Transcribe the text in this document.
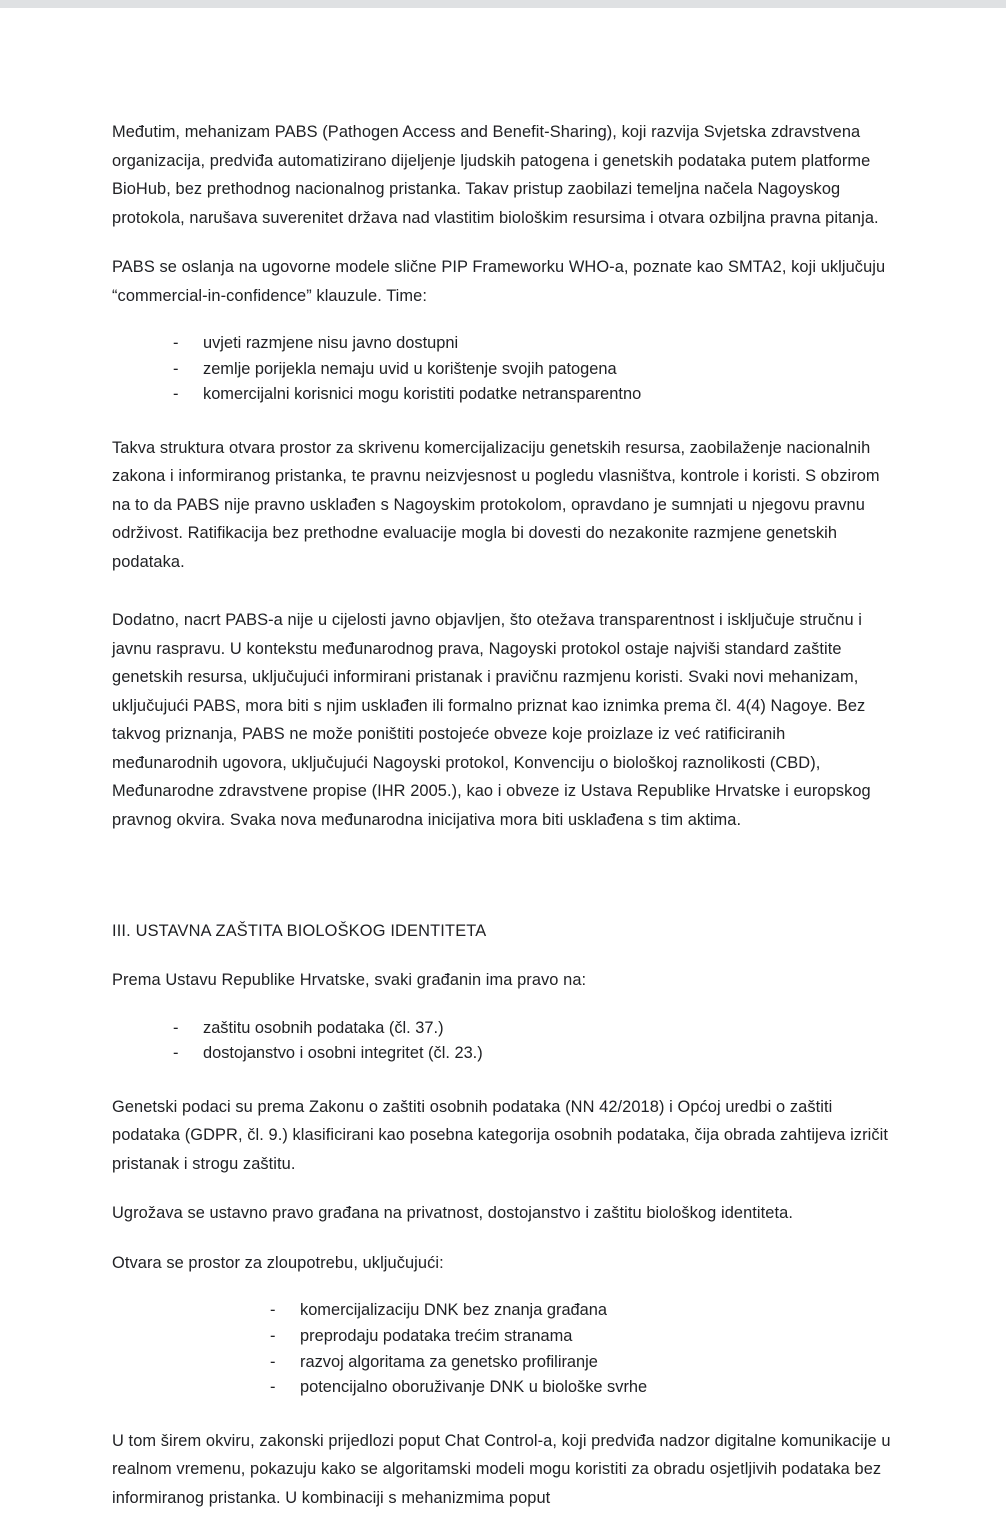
Međutim, mehanizam PABS (Pathogen Access and Benefit-Sharing), koji razvija Svjetska zdravstvena organizacija, predviđa automatizirano dijeljenje ljudskih patogena i genetskih podataka putem platforme BioHub, bez prethodnog nacionalnog pristanka. Takav pristup zaobilazi temeljna načela Nagoyskog protokola, narušava suverenitet država nad vlastitim biološkim resursima i otvara ozbiljna pravna pitanja.

PABS se oslanja na ugovorne modele slične PIP Frameworku WHO-a, poznate kao SMTA2, koji uključuju “commercial-in-confidence” klauzule. Time:

-	uvjeti razmjene nisu javno dostupni
-	zemlje porijekla nemaju uvid u korištenje svojih patogena
-	komercijalni korisnici mogu koristiti podatke netransparentno

Takva struktura otvara prostor za skrivenu komercijalizaciju genetskih resursa, zaobilaženje nacionalnih zakona i informiranog pristanka, te pravnu neizvjesnost u pogledu vlasništva, kontrole i koristi. S obzirom na to da PABS nije pravno usklađen s Nagoyskim protokolom, opravdano je sumnjati u njegovu pravnu održivost. Ratifikacija bez prethodne evaluacije mogla bi dovesti do nezakonite razmjene genetskih podataka.

Dodatno, nacrt PABS-a nije u cijelosti javno objavljen, što otežava transparentnost i isključuje stručnu i javnu raspravu. U kontekstu međunarodnog prava, Nagoyski protokol ostaje najviši standard zaštite genetskih resursa, uključujući informirani pristanak i pravičnu razmjenu koristi. Svaki novi mehanizam, uključujući PABS, mora biti s njim usklađen ili formalno priznat kao iznimka prema čl. 4(4) Nagoye. Bez takvog priznanja, PABS ne može poništiti postojeće obveze koje proizlaze iz već ratificiranih međunarodnih ugovora, uključujući Nagoyski protokol, Konvenciju o biološkoj raznolikosti (CBD), Međunarodne zdravstvene propise (IHR 2005.), kao i obveze iz Ustava Republike Hrvatske i europskog pravnog okvira. Svaka nova međunarodna inicijativa mora biti usklađena s tim aktima.

III. USTAVNA ZAŠTITA BIOLOŠKOG IDENTITETA

Prema Ustavu Republike Hrvatske, svaki građanin ima pravo na:

-	zaštitu osobnih podataka (čl. 37.)
-	dostojanstvo i osobni integritet (čl. 23.)

Genetski podaci su prema Zakonu o zaštiti osobnih podataka (NN 42/2018) i Općoj uredbi o zaštiti podataka (GDPR, čl. 9.) klasificirani kao posebna kategorija osobnih podataka, čija obrada zahtijeva izričit pristanak i strogu zaštitu.

Ugrožava se ustavno pravo građana na privatnost, dostojanstvo i zaštitu biološkog identiteta.

Otvara se prostor za zloupotrebu, uključujući:

-	komercijalizaciju DNK bez znanja građana
-	preprodaju podataka trećim stranama
-	razvoj algoritama za genetsko profiliranje
-	potencijalno oboruživanje DNK u biološke svrhe

U tom širem okviru, zakonski prijedlozi poput Chat Control-a, koji predviđa nadzor digitalne komunikacije u realnom vremenu, pokazuju kako se algoritamski modeli mogu koristiti za obradu osjetljivih podataka bez informiranog pristanka. U kombinaciji s mehanizmima poput
